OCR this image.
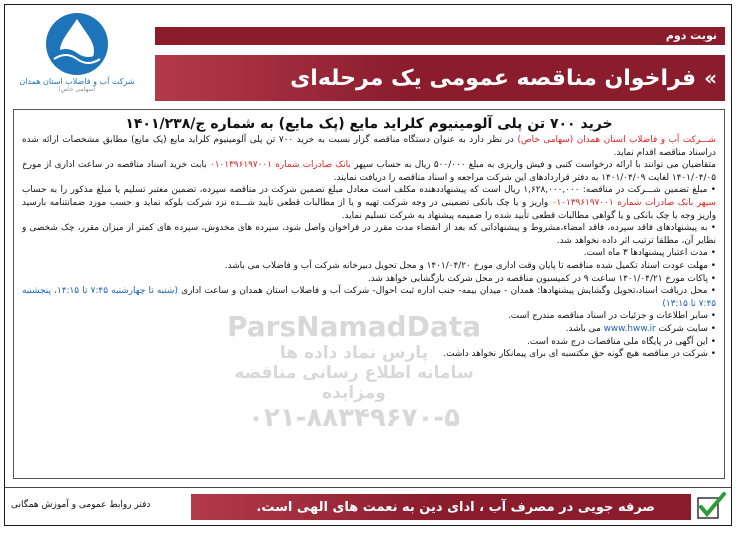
شرکت آب و فاضلاب استان همدان
(سهامی خاص)
نوبت دوم
»
فراخوان مناقصه عمومی یک مرحله‌ای
ParsNamadData
پارس نماد داده ها
سامانه اطلاع رسانی مناقصه ومزایده
۰۲۱-۸۸۳۴۹۶۷۰-۵
خرید ۷۰۰ تن پلی آلومینیوم کلراید مایع (پک مایع) به شماره ج/۱۴۰۱/۲۳۸

شـــرکت آب و فاضلاب استان همدان (سهامی خاص) در نظر دارد به عنوان دستگاه مناقصه گزار نسبت به خرید ۷۰۰ تن پلی آلومینیوم کلراید مایع (پک مایع) مطابق مشخصات ارائه شده دراسناد مناقصه اقدام نماید.

متقاضیان می توانند با ارائه درخواست کتبی و فیش واریزی به مبلغ ۵۰۰/۰۰۰ ریال به حساب سپهر بانک صادرات شماره ۰۱۰۱۳۹۶۱۹۷۰۰۱ بابت خرید اسناد مناقصه در ساعت اداری از مورخ ۱۴۰۱/۰۴/۰۵ لغایت ۱۴۰۱/۰۴/۰۹ به دفتر قراردادهای این شرکت مراجعه و اسناد مناقصه را دریافت نمایند.

• مبلغ تضمین شـــرکت در مناقصه: ۱,۶۲۸,۰۰۰,۰۰۰ ریال است که پیشنهاددهنده مکلف است معادل مبلغ تضمین شرکت در مناقصه سپرده، تضمین معتبر تسلیم یا مبلغ مذکور را به حساب سپهر بانک صادرات شماره ۰۱۰۱۳۹۶۱۹۷۰۰۱ واریز و یا چک بانکی تضمینی در وجه شرکت تهیه و یا از مطالبات قطعی تأیید شـــده نزد شرکت بلوکه نماید و حسب مورد ضمانتنامه بارسید واریز وجه یا چک بانکی و یا گواهی مطالبات قطعی تأیید شده را ضمیمه پیشنهاد به شرکت تسلیم نماید.

• به پیشنهادهای فاقد سپرده، فاقد امضاء،مشروط و پیشنهاداتی که بعد از انقضاء مدت مقرر در فراخوان واصل شود، سپرده های مخدوش، سپرده های کمتر از میزان مقرر، چک شخصی و نظایر آن، مطلقا ترتیب اثر داده نخواهد شد.

• مدت اعتبار پیشنهادها ۳ ماه است.

• مهلت عودت اسناد تکمیل شده مناقصه تا پایان وقت اداری مورخ ۱۴۰۱/۰۴/۲۰ و محل تحویل دبیرخانه شرکت آب و فاضلاب می باشد.

• پاکات مورخ ۱۴۰۱/۰۴/۲۱ ساعت ۹ در کمیسیون مناقصه در محل شرکت بازگشایی خواهد شد.

• محل دریافت اسناد،تحویل وگشایش پیشنهادها: همدان - میدان بیمه- جنب اداره ثبت احوال- شرکت آب و فاضلاب استان همدان و ساعت اداری (شنبه تا چهارشنبه ۷:۴۵ تا ۱۴:۱۵، پنجشنبه ۷:۴۵ تا ۱۳:۱۵)

• سایر اطلاعات و جزئیات در اسناد مناقصه مندرج است.

• سایت شرکت www.hww.ir می باشد.

• این آگهی در پایگاه ملی مناقصات درج شده است.

• شرکت در مناقصه هیچ گونه حق مکتسبه ای برای پیمانکار نخواهد داشت.

صرفه جویی در مصرف آب ، ادای دین به نعمت های الهی است.
دفتر روابط عمومی و آموزش همگانی
